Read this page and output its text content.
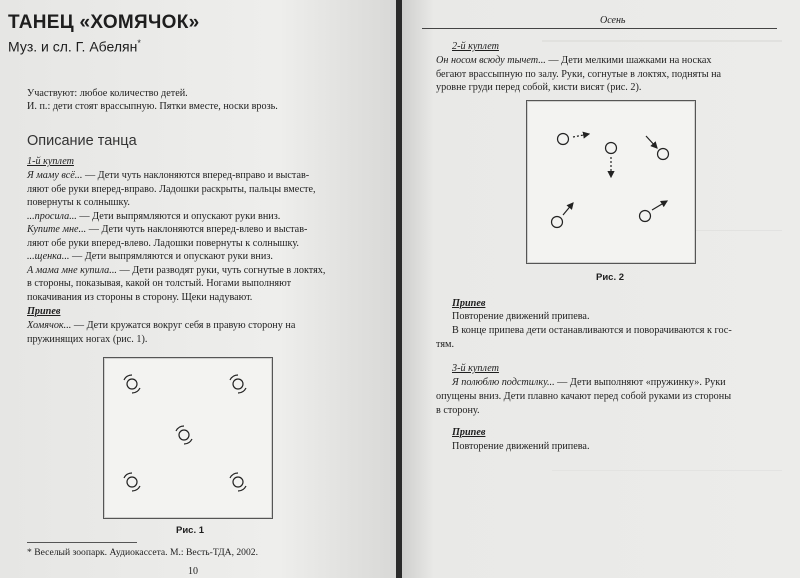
ТАНЕЦ «ХОМЯЧОК»
Муз. и сл. Г. Абелян*
Участвуют: любое количество детей.
И. п.: дети стоят врассыпную. Пятки вместе, носки врозь.
Описание танца
1-й куплет
Я маму всё... — Дети чуть наклоняются вперед-вправо и выстав-
ляют обе руки вперед-вправо. Ладошки раскрыты, пальцы вместе,
повернуты к солнышку.
...просила... — Дети выпрямляются и опускают руки вниз.
Купите мне... — Дети чуть наклоняются вперед-влево и выстав-
ляют обе руки вперед-влево. Ладошки повернуты к солнышку.
...щенка... — Дети выпрямляются и опускают руки вниз.
А мама мне купила... — Дети разводят руки, чуть согнутые в локтях,
в стороны, показывая, какой он толстый. Ногами выполняют
покачивания из стороны в сторону. Щеки надувают.
Припев
Хомячок... — Дети кружатся вокруг себя в правую сторону на
пружинящих ногах (рис. 1).
Рис. 1
* Веселый зоопарк. Аудиокассета. М.: Весть-ТДА, 2002.
10
Осень
2-й куплет
Он носом всюду тычет... — Дети мелкими шажками на носках
бегают врассыпную по залу. Руки, согнутые в локтях, подняты на
уровне груди перед собой, кисти висят (рис. 2).
Рис. 2
Припев
Повторение движений припева.
В конце припева дети останавливаются и поворачиваются к гос-
тям.
3-й куплет
Я полюблю подстилку... — Дети выполняют «пружинку». Руки
опущены вниз. Дети плавно качают перед собой руками из стороны
в сторону.
Припев
Повторение движений припева.
